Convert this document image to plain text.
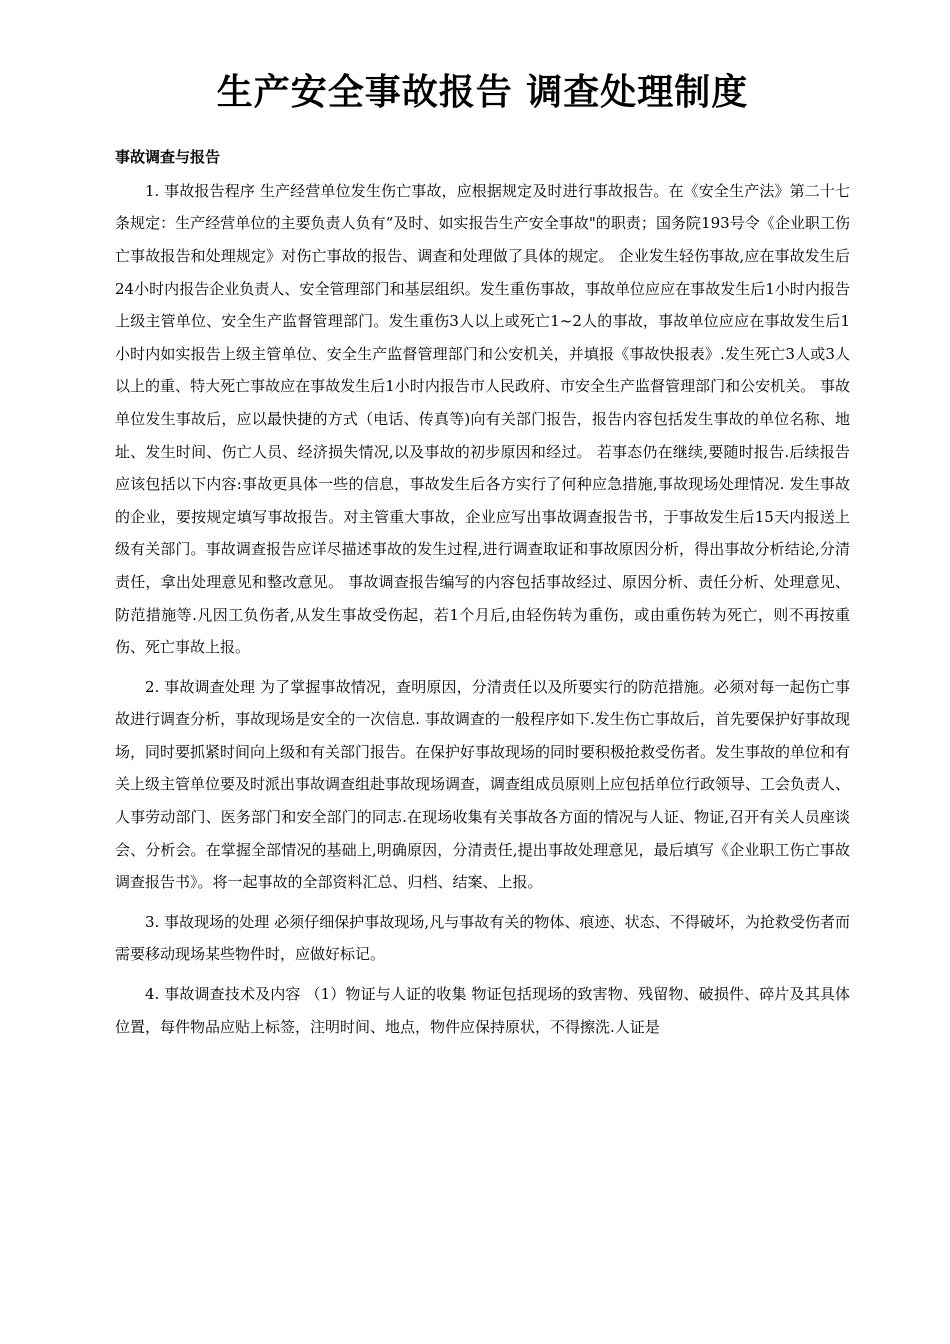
生产安全事故报告 调查处理制度
事故调查与报告

1. 事故报告程序 生产经营单位发生伤亡事故，应根据规定及时进行事故报告。在《安全生产法》第二十七条规定：生产经营单位的主要负责人负有“及时、如实报告生产安全事故"的职责；国务院193号令《企业职工伤亡事故报告和处理规定》对伤亡事故的报告、调查和处理做了具体的规定。 企业发生轻伤事故,应在事故发生后24小时内报告企业负责人、安全管理部门和基层组织。发生重伤事故，事故单位应应在事故发生后1小时内报告上级主管单位、安全生产监督管理部门。发生重伤3人以上或死亡1~2人的事故，事故单位应应在事故发生后1小时内如实报告上级主管单位、安全生产监督管理部门和公安机关，并填报《事故快报表》.发生死亡3人或3人以上的重、特大死亡事故应在事故发生后1小时内报告市人民政府、市安全生产监督管理部门和公安机关。 事故单位发生事故后，应以最快捷的方式（电话、传真等)向有关部门报告，报告内容包括发生事故的单位名称、地址、发生时间、伤亡人员、经济损失情况,以及事故的初步原因和经过。 若事态仍在继续,要随时报告.后续报告应该包括以下内容:事故更具体一些的信息，事故发生后各方实行了何种应急措施,事故现场处理情况. 发生事故的企业，要按规定填写事故报告。对主管重大事故，企业应写出事故调查报告书，于事故发生后15天内报送上级有关部门。事故调查报告应详尽描述事故的发生过程,进行调查取证和事故原因分析，得出事故分析结论,分清责任，拿出处理意见和整改意见。 事故调查报告编写的内容包括事故经过、原因分析、责任分析、处理意见、防范措施等.凡因工负伤者,从发生事故受伤起，若1个月后,由轻伤转为重伤，或由重伤转为死亡，则不再按重伤、死亡事故上报。

2. 事故调查处理 为了掌握事故情况，查明原因，分清责任以及所要实行的防范措施。必须对每一起伤亡事故进行调查分析，事故现场是安全的一次信息. 事故调查的一般程序如下.发生伤亡事故后，首先要保护好事故现场，同时要抓紧时间向上级和有关部门报告。在保护好事故现场的同时要积极抢救受伤者。发生事故的单位和有关上级主管单位要及时派出事故调查组赴事故现场调查，调查组成员原则上应包括单位行政领导、工会负责人、人事劳动部门、医务部门和安全部门的同志.在现场收集有关事故各方面的情况与人证、物证,召开有关人员座谈会、分析会。在掌握全部情况的基础上,明确原因，分清责任,提出事故处理意见，最后填写《企业职工伤亡事故调查报告书》。将一起事故的全部资料汇总、归档、结案、上报。

3. 事故现场的处理 必须仔细保护事故现场,凡与事故有关的物体、痕迹、状态、不得破坏，为抢救受伤者而需要移动现场某些物件时，应做好标记。

4. 事故调查技术及内容 （1）物证与人证的收集 物证包括现场的致害物、残留物、破损件、碎片及其具体位置，每件物品应贴上标签，注明时间、地点，物件应保持原状，不得擦洗.人证是
